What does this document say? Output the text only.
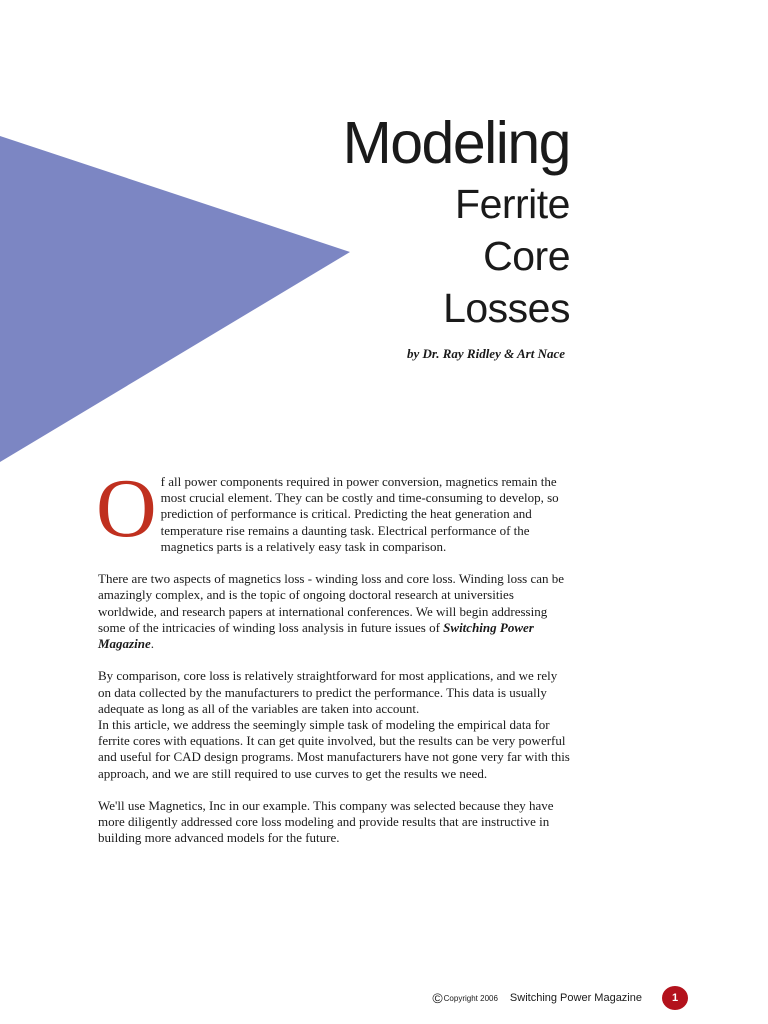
Modeling
Ferrite
Core
Losses
by Dr. Ray Ridley & Art Nace

Of all power components required in power conversion, magnetics remain the most crucial element. They can be costly and time-consuming to develop, so prediction of performance is critical. Predicting the heat generation and temperature rise remains a daunting task. Electrical performance of the magnetics parts is a relatively easy task in comparison.

There are two aspects of magnetics loss - winding loss and core loss. Winding loss can be amazingly complex, and is the topic of ongoing doctoral research at universities worldwide, and research papers at international conferences. We will begin addressing some of the intricacies of winding loss analysis in future issues of Switching Power Magazine.

By comparison, core loss is relatively straightforward for most applications, and we rely on data collected by the manufacturers to predict the performance. This data is usually adequate as long as all of the variables are taken into account.
In this article, we address the seemingly simple task of modeling the empirical data for ferrite cores with equations. It can get quite involved, but the results can be very powerful and useful for CAD design programs. Most manufacturers have not gone very far with this approach, and we are still required to use curves to get the results we need.

We'll use Magnetics, Inc in our example. This company was selected because they have more diligently addressed core loss modeling and provide results that are instructive in building more advanced models for the future.

© Copyright 2006 Switching Power Magazine	1
